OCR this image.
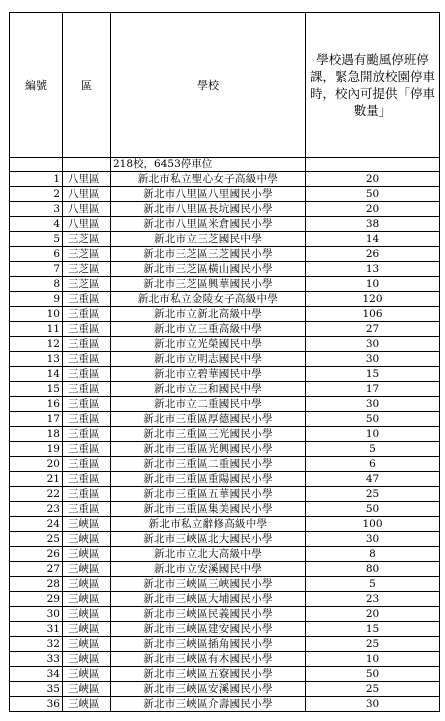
編號	區	學校	學校遇有颱風停班停課，緊急開放校園停車時，校內可提供「停車數量」
		218校，6453停車位	
1	八里區	新北市私立聖心女子高級中學	20
2	八里區	新北市八里區八里國民小學	50
3	八里區	新北市八里區長坑國民小學	20
4	八里區	新北市八里區米倉國民小學	38
5	三芝區	新北市立三芝國民中學	14
6	三芝區	新北市三芝區三芝國民小學	26
7	三芝區	新北市三芝區橫山國民小學	13
8	三芝區	新北市三芝區興華國民小學	10
9	三重區	新北市私立金陵女子高級中學	120
10	三重區	新北市立新北高級中學	106
11	三重區	新北市立三重高級中學	27
12	三重區	新北市立光榮國民中學	30
13	三重區	新北市立明志國民中學	30
14	三重區	新北市立碧華國民中學	15
15	三重區	新北市立三和國民中學	17
16	三重區	新北市立二重國民中學	30
17	三重區	新北市三重區厚德國民小學	50
18	三重區	新北市三重區三光國民小學	10
19	三重區	新北市三重區光興國民小學	5
20	三重區	新北市三重區二重國民小學	6
21	三重區	新北市三重區重陽國民小學	47
22	三重區	新北市三重區五華國民小學	25
23	三重區	新北市三重區集美國民小學	50
24	三峽區	新北市私立辭修高級中學	100
25	三峽區	新北市三峽區北大國民小學	30
26	三峽區	新北市立北大高級中學	8
27	三峽區	新北市立安溪國民中學	80
28	三峽區	新北市三峽區三峽國民小學	5
29	三峽區	新北市三峽區大埔國民小學	23
30	三峽區	新北市三峽區民義國民小學	20
31	三峽區	新北市三峽區建安國民小學	15
32	三峽區	新北市三峽區插角國民小學	25
33	三峽區	新北市三峽區有木國民小學	10
34	三峽區	新北市三峽區五寮國民小學	50
35	三峽區	新北市三峽區安溪國民小學	25
36	三峽區	新北市三峽區介壽國民小學	30
